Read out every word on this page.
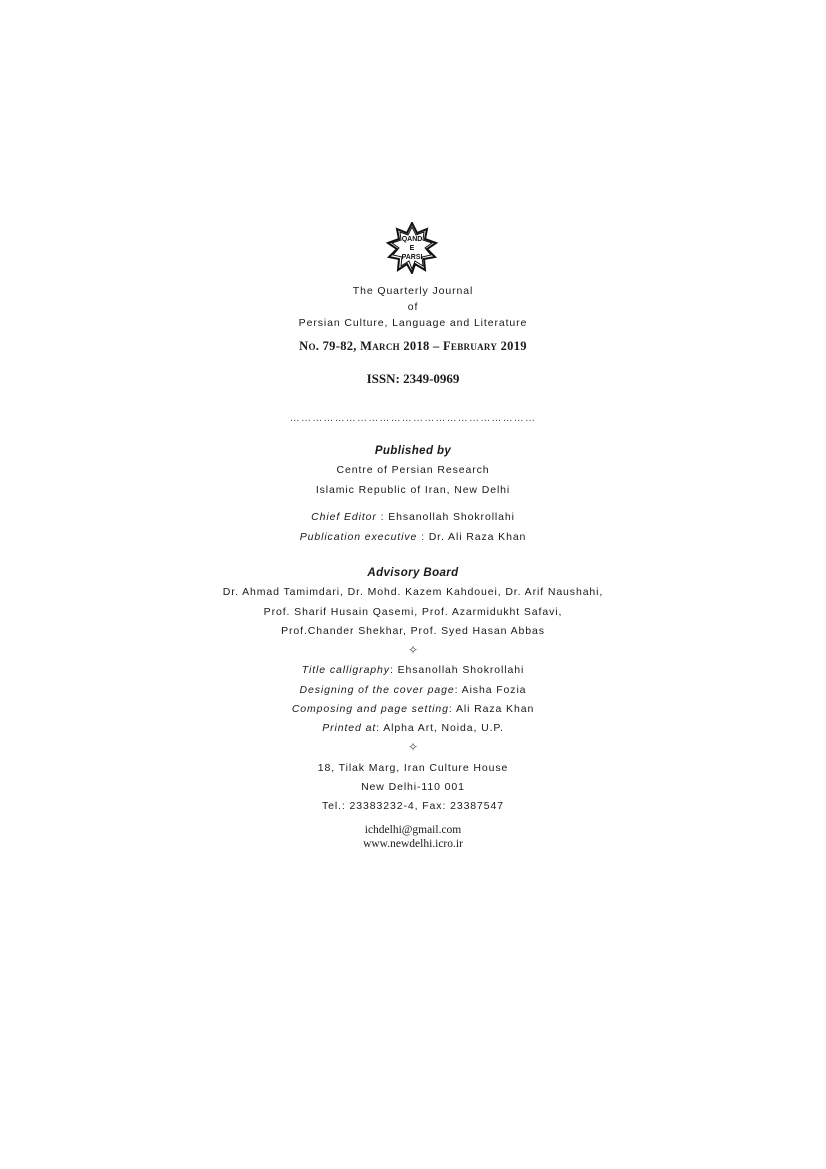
QAND
E
PARSI
The Quarterly Journal
of
Persian Culture, Language and Literature
No. 79-82, March 2018 – February 2019
ISSN: 2349-0969
…………………………………………………………
Published by
Centre of Persian Research
Islamic Republic of Iran, New Delhi
Chief Editor : Ehsanollah Shokrollahi
Publication executive : Dr. Ali Raza Khan
Advisory Board
Dr. Ahmad Tamimdari, Dr. Mohd. Kazem Kahdouei, Dr. Arif Naushahi,
Prof. Sharif Husain Qasemi, Prof. Azarmidukht Safavi,
Prof.Chander Shekhar, Prof. Syed Hasan Abbas
✧
Title calligraphy: Ehsanollah Shokrollahi
Designing of the cover page: Aisha Fozia
Composing and page setting: Ali Raza Khan
Printed at: Alpha Art, Noida, U.P.
✧
18, Tilak Marg, Iran Culture House
New Delhi-110 001
Tel.: 23383232-4, Fax: 23387547
ichdelhi@gmail.com
www.newdelhi.icro.ir
